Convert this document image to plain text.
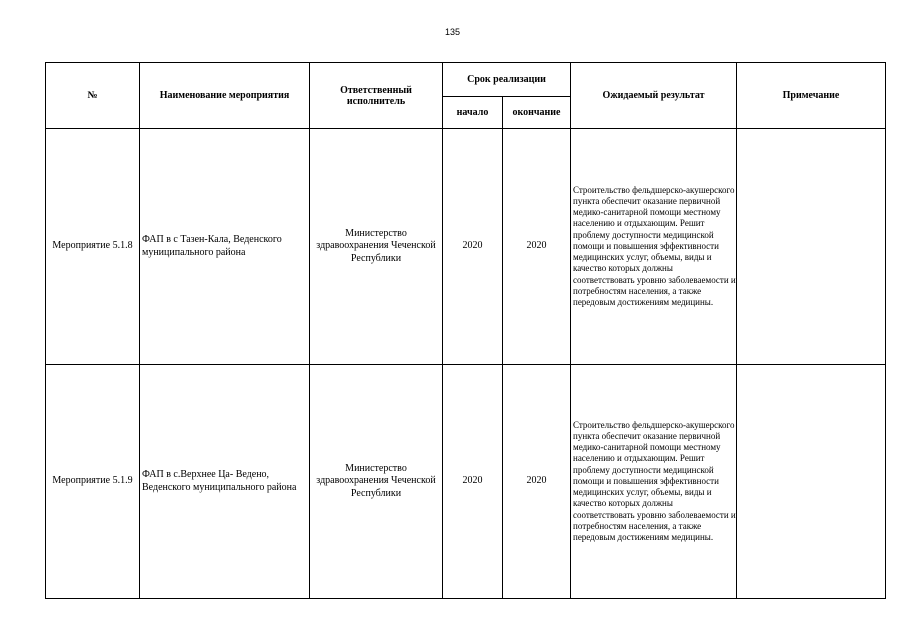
135
№	Наименование мероприятия	Ответственный исполнитель	Срок реализации		Ожидаемый результат	Примечание
			начало	окончание		
Мероприятие 5.1.8	ФАП в с Тазен-Кала, Веденского муниципального района	Министерство здравоохранения Чеченской Республики	2020	2020	Строительство фельдшерско-акушерского пункта обеспечит оказание первичной медико-санитарной помощи местному населению и отдыхающим. Решит проблему доступности медицинской помощи и повышения эффективности медицинских услуг, объемы, виды и качество которых должны соответствовать уровню заболеваемости и потребностям населения, а также передовым достижениям медицины.	

Мероприятие 5.1.9	ФАП в с.Верхнее Ца- Ведено, Веденского муниципального района	Министерство здравоохранения Чеченской Республики	2020	2020	Строительство фельдшерско-акушерского пункта обеспечит оказание первичной медико-санитарной помощи местному населению и отдыхающим. Решит проблему доступности медицинской помощи и повышения эффективности медицинских услуг, объемы, виды и качество которых должны соответствовать уровню заболеваемости и потребностям населения, а также передовым достижениям медицины.	
